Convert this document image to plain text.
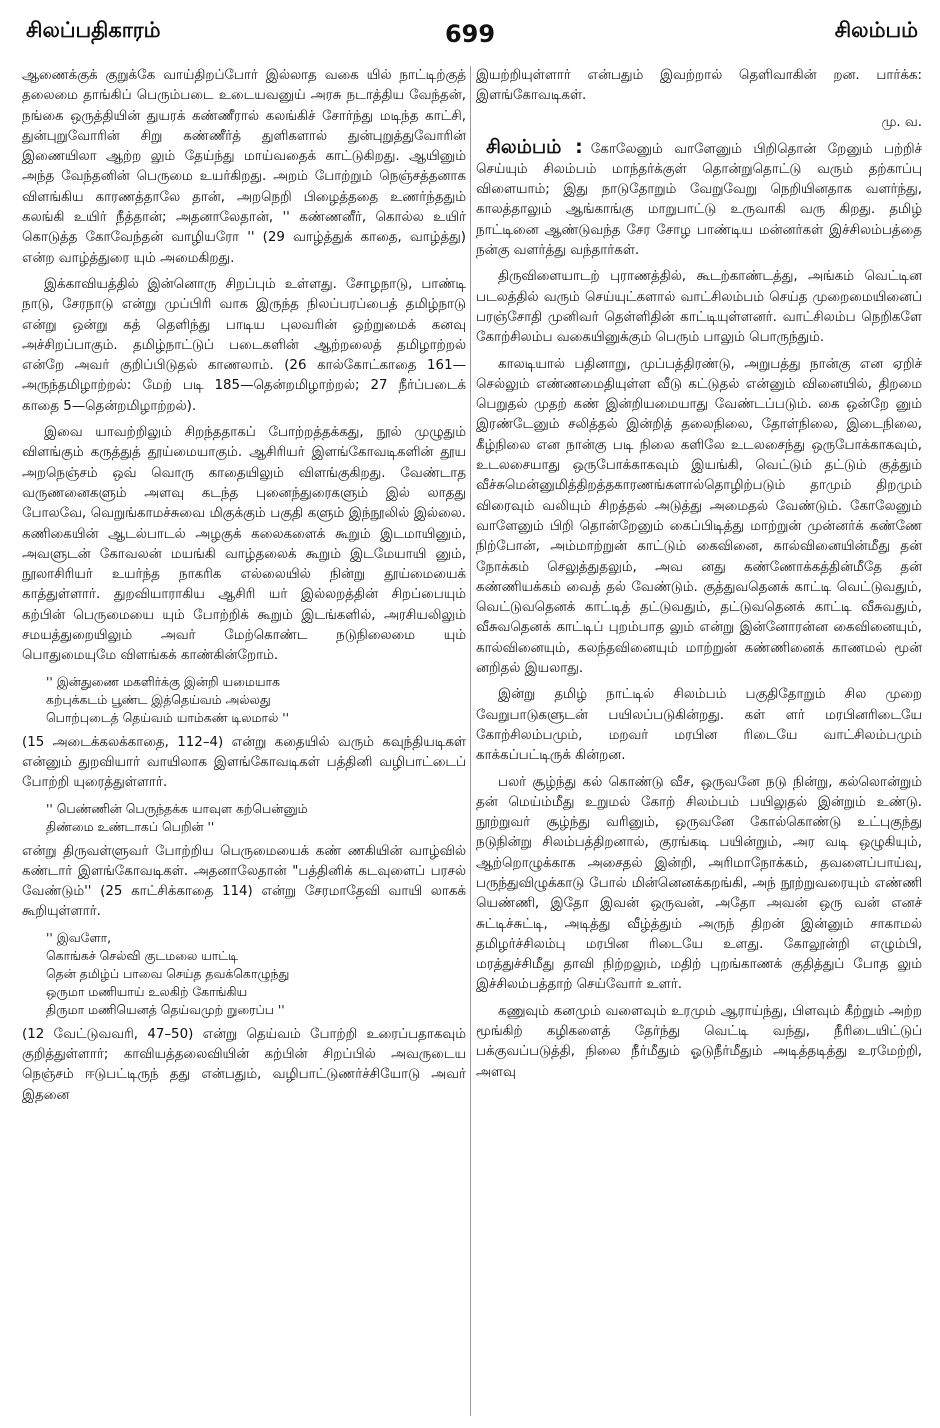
சிலப்பதிகாரம்	699	சிலம்பம்

ஆணைக்குக் குறுக்கே வாய்திறப்போர் இல்லாத வகை யில் நாட்டிற்குத் தலைமை தாங்கிப் பெரும்படை உடையவனுய் அரசு நடாத்திய வேந்தன், நங்கை ஒருத்தியின் துயரக் கண்ணீரால் கலங்கிச் சோர்ந்து மடிந்த காட்சி, துன்புறுவோரின் சிறு கண்ணீர்த் துளிகளால் துன்புறுத்துவோரின் இணையிலா ஆற்ற லும் தேய்ந்து மாய்வதைக் காட்டுகிறது. ஆயினும் அந்த வேந்தனின் பெருமை உயர்கிறது. அறம் போற்றும் நெஞ்சத்தனாக விளங்கிய காரணத்தாலே தான், அறநெறி பிழைத்ததை உணர்ந்ததும் கலங்கி உயிர் நீத்தான்; அதனாலேதான், '' கண்ணனீர், கொல்ல உயிர் கொடுத்த கோவேந்தன் வாழியரோ '' (29 வாழ்த்துக் காதை, வாழ்த்து) என்ற வாழ்த்துரை யும் அமைகிறது.

இக்காவியத்தில் இன்னொரு சிறப்பும் உள்ளது. சோழநாடு, பாண்டி நாடு, சேரநாடு என்று முப்பிரி வாக இருந்த நிலப்பரப்பைத் தமிழ்நாடு என்று ஒன்று கத் தெளிந்து பாடிய புலவரின் ஒற்றுமைக் கனவு அச்சிறப்பாகும். தமிழ்நாட்டுப் படைகளின் ஆற்றலைத் தமிழாற்றல் என்றே அவர் குறிப்பிடுதல் காணலாம். (26 கால்கோட்காதை 161—அருந்தமிழாற்றல்: மேற் படி 185—தென்றமிழாற்றல்; 27 நீர்ப்படைக் காதை 5—தென்றமிழாற்றல்).

இவை யாவற்றிலும் சிறந்ததாகப் போற்றத்தக்கது, நூல் முழுதும் விளங்கும் கருத்துத் தூய்மையாகும். ஆசிரியர் இளங்கோவடிகளின் தூய அறநெஞ்சம் ஒவ் வொரு காதையிலும் விளங்குகிறது. வேண்டாத வருணனைகளும் அளவு கடந்த புனைந்துரைகளும் இல் லாதது போலவே, வெறுங்காமச்சுவை மிகுக்கும் பகுதி களும் இந்நூலில் இல்லை. கணிகையின் ஆடல்பாடல் அழகுக் கலைகளைக் கூறும் இடமாயினும், அவளுடன் கோவலன் மயங்கி வாழ்தலைக் கூறும் இடமேயாயி னும், நூலாசிரியர் உயர்ந்த நாகரிக எல்லையில் நின்று தூய்மையைக் காத்துள்ளார். துறவியாராகிய ஆசிரி யர் இல்லறத்தின் சிறப்பையும் கற்பின் பெருமையை யும் போற்றிக் கூறும் இடங்களில், அரசியலிலும் சமயத்துறையிலும் அவர் மேற்கொண்ட நடுநிலைமை யும் பொதுமையுமே விளங்கக் காண்கின்றோம்.

'' இன்துணை மகளிர்க்கு இன்றி யமையாக
கற்புக்கடம் பூண்ட இத்தெய்வம் அல்லது
பொற்புடைத் தெய்வம் யாம்கண் டிலமால் ''

(15 அடைக்கலக்காதை, 112–4) என்று கதையில் வரும் கவுந்தியடிகள் என்னும் துறவியார் வாயிலாக இளங்கோவடிகள் பத்தினி வழிபாட்டைப் போற்றி யுரைத்துள்ளார்.

'' பெண்ணின் பெருந்தக்க யாவுள கற்பென்னும்
திண்மை உண்டாகப் பெறின் ''

என்று திருவள்ளுவர் போற்றிய பெருமையைக் கண் ணகியின் வாழ்வில் கண்டார் இளங்கோவடிகள். அதனாலேதான் "பத்தினிக் கடவுளைப் பரசல் வேண்டும்'' (25 காட்சிக்காதை 114) என்று சேரமாதேவி வாயி லாகக் கூறியுள்ளார்.

'' இவளோ,
கொங்கச் செல்வி குடமலை யாட்டி
தென் தமிழ்ப் பாவை செய்த தவக்கொழுந்து
ஒருமா மணியாய் உலகிற் கோங்கிய
திருமா மணியெனத் தெய்வமுற் றுரைப்ப ''

(12 வேட்டுவவரி, 47–50) என்று தெய்வம் போற்றி உரைப்பதாகவும் குறித்துள்ளார்; காவியத்தலைவியின் கற்பின் சிறப்பில் அவருடைய நெஞ்சம் ஈடுபட்டிருந் தது என்பதும், வழிபாட்டுணர்ச்சியோடு அவர் இதனை

இயற்றியுள்ளார் என்பதும் இவற்றால் தெளிவாகின் றன. பார்க்க: இளங்கோவடிகள்.

மு. வ.

சிலம்பம் : கோலேனும் வாளேனும் பிறிதொன் றேனும் பற்றிச் செய்யும் சிலம்பம் மாந்தர்க்குள் தொன்றுதொட்டு வரும் தற்காப்பு விளையாம்; இது நாடுதோறும் வேறுவேறு நெறியினதாக வளர்ந்து, காலத்தாலும் ஆங்காங்கு மாறுபாட்டு உருவாகி வரு கிறது. தமிழ் நாட்டினை ஆண்டுவந்த சேர சோழ பாண்டிய மன்னர்கள் இச்சிலம்பத்தை நன்கு வளர்த்து வந்தார்கள்.

திருவிளையாடற் புராணத்தில், கூடற்காண்டத்து, அங்கம் வெட்டின படலத்தில் வரும் செய்யுட்களால் வாட்சிலம்பம் செய்த முறைமையினைப் பரஞ்சோதி முனிவர் தெள்ளிதின் காட்டியுள்ளனர். வாட்சிலம்ப நெறிகளே கோற்சிலம்ப வகையினுக்கும் பெரும் பாலும் பொருந்தும்.

காலடியால் பதினாறு, முப்பத்திரண்டு, அறுபத்து நான்கு என ஏறிச் செல்லும் எண்ணமைதியுள்ள வீடு கட்டுதல் என்னும் வினையில், திறமை பெறுதல் முதற் கண் இன்றியமையாது வேண்டப்படும். கை ஒன்றே னும் இரண்டேனும் சலித்தல் இன்றித் தலைநிலை, தோள்நிலை, இடைநிலை, கீழ்நிலை என நான்கு படி நிலை களிலே உடலசைந்து ஒருபோக்காகவும், உடலசையாது ஒருபோக்காகவும் இயங்கி, வெட்டும் தட்டும் குத்தும் வீச்சுமென்னுமித்திறத்தகாரணங்களால்தொழிற்படும் தாமும் திறமும் விரைவும் வலியும் சிறத்தல் அடுத்து அமைதல் வேண்டும். கோலேனும் வாளேனும் பிறி தொன்றேனும் கைப்பிடித்து மாற்றுன் முன்னர்க் கண்ணே நிற்போன், அம்மாற்றுன் காட்டும் கைவினை, கால்வினையின்மீது தன் நோக்கம் செலுத்துதலும், அவ னது கண்ணோக்கத்தின்மீதே தன் கண்ணியக்கம் வைத் தல் வேண்டும். குத்துவதெனக் காட்டி வெட்டுவதும், வெட்டுவதெனக் காட்டித் தட்டுவதும், தட்டுவதெனக் காட்டி வீசுவதும், வீசுவதெனக் காட்டிப் புறம்பாத லும் என்று இன்னோரன்ன கைவினையும், கால்வினையும், கலந்தவினையும் மாற்றுன் கண்ணினைக் காணமல் மூன் னறிதல் இயலாது.

இன்று தமிழ் நாட்டில் சிலம்பம் பகுதிதோறும் சில முறை வேறுபாடுகளுடன் பயிலப்படுகின்றது. கள் ளர் மரபினரிடையே கோற்சிலம்பமும், மறவர் மரபின ரிடையே வாட்சிலம்பமும் காக்கப்பட்டிருக் கின்றன.

பலர் சூழ்ந்து கல் கொண்டு வீச, ஒருவனே நடு நின்று, கல்லொன்றும் தன் மெய்ம்மீது உறுமல் கோற் சிலம்பம் பயிலுதல் இன்றும் உண்டு. நூற்றுவர் சூழ்ந்து வரினும், ஒருவனே கோல்கொண்டு உட்புகுந்து நடுநின்று சிலம்பத்திறனால், குரங்கடி பயின்றும், அர வடி ஒழுகியும், ஆற்றொழுக்காக அசைதல் இன்றி, அரிமாநோக்கம், தவளைப்பாய்வு, பருந்துவிழுக்காடு போல் மின்னெனக்கறங்கி, அந் நூற்றுவரையும் எண்ணி யெண்ணி, இதோ இவன் ஒருவன், அதோ அவன் ஒரு வன் எனச் சுட்டிச்சுட்டி, அடித்து வீழ்த்தும் அருந் திறன் இன்னும் சாகாமல் தமிழர்ச்சிலம்பு மரபின ரிடையே உளது. கோலூன்றி எழும்பி, மரத்துச்சிமீது தாவி நிற்றலும், மதிற் புறங்காணக் குதித்துப் போத லும் இச்சிலம்பத்தாற் செய்வோர் உளர்.

கணுவும் கனமும் வளைவும் உரமும் ஆராய்ந்து, பிளவும் கீற்றும் அற்ற மூங்கிற் கழிகளைத் தேர்ந்து வெட்டி வந்து, நீரிடையிட்டுப் பக்குவப்படுத்தி, நிலை நீர்மீதும் ஓடுநீர்மீதும் அடித்தடித்து உரமேற்றி, அளவு
